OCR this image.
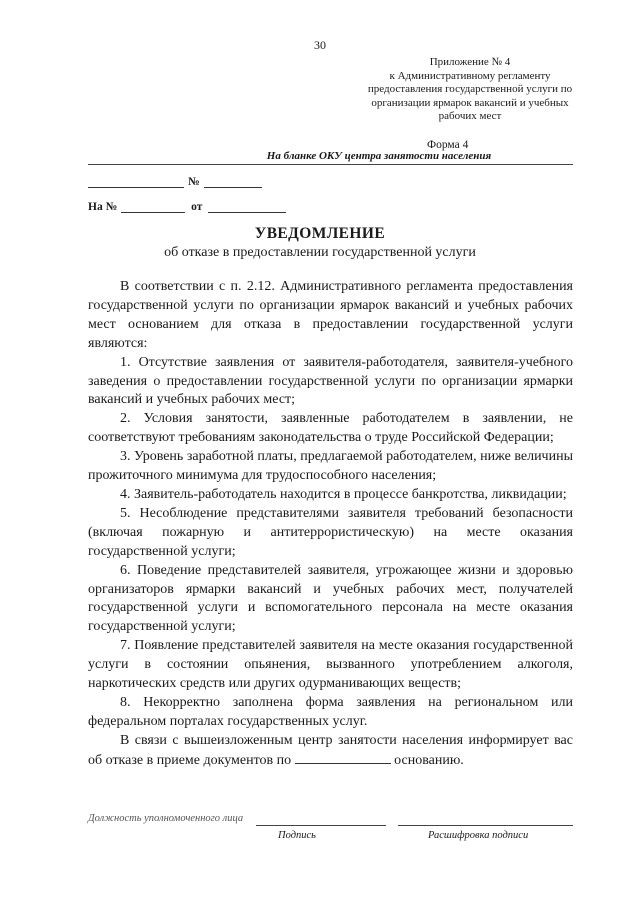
30
Приложение № 4
к Административному регламенту
предоставления государственной услуги по
организации ярмарок вакансий и учебных
рабочих мест
Форма 4
На бланке ОКУ центра занятости населения
№
На №	от
УВЕДОМЛЕНИЕ
об отказе в предоставлении государственной услуги

В соответствии с п. 2.12. Административного регламента предоставления государственной услуги по организации ярмарок вакансий и учебных рабочих мест основанием для отказа в предоставлении государственной услуги являются:

1. Отсутствие заявления от заявителя-работодателя, заявителя-учебного заведения о предоставлении государственной услуги по организации ярмарки вакансий и учебных рабочих мест;

2. Условия занятости, заявленные работодателем в заявлении, не соответствуют требованиям законодательства о труде Российской Федерации;

3. Уровень заработной платы, предлагаемой работодателем, ниже величины прожиточного минимума для трудоспособного населения;

4. Заявитель-работодатель находится в процессе банкротства, ликвидации;

5. Несоблюдение представителями заявителя требований безопасности (включая пожарную и антитеррористическую) на месте оказания государственной услуги;

6. Поведение представителей заявителя, угрожающее жизни и здоровью организаторов ярмарки вакансий и учебных рабочих мест, получателей государственной услуги и вспомогательного персонала на месте оказания государственной услуги;

7. Появление представителей заявителя на месте оказания государственной услуги в состоянии опьянения, вызванного употреблением алкоголя, наркотических средств или других одурманивающих веществ;

8. Некорректно заполнена форма заявления на региональном или федеральном порталах государственных услуг.

В связи с вышеизложенным центр занятости населения информирует вас об отказе в приеме документов по	основанию.

Должность уполномоченного лица
Подпись	Расшифровка подписи
